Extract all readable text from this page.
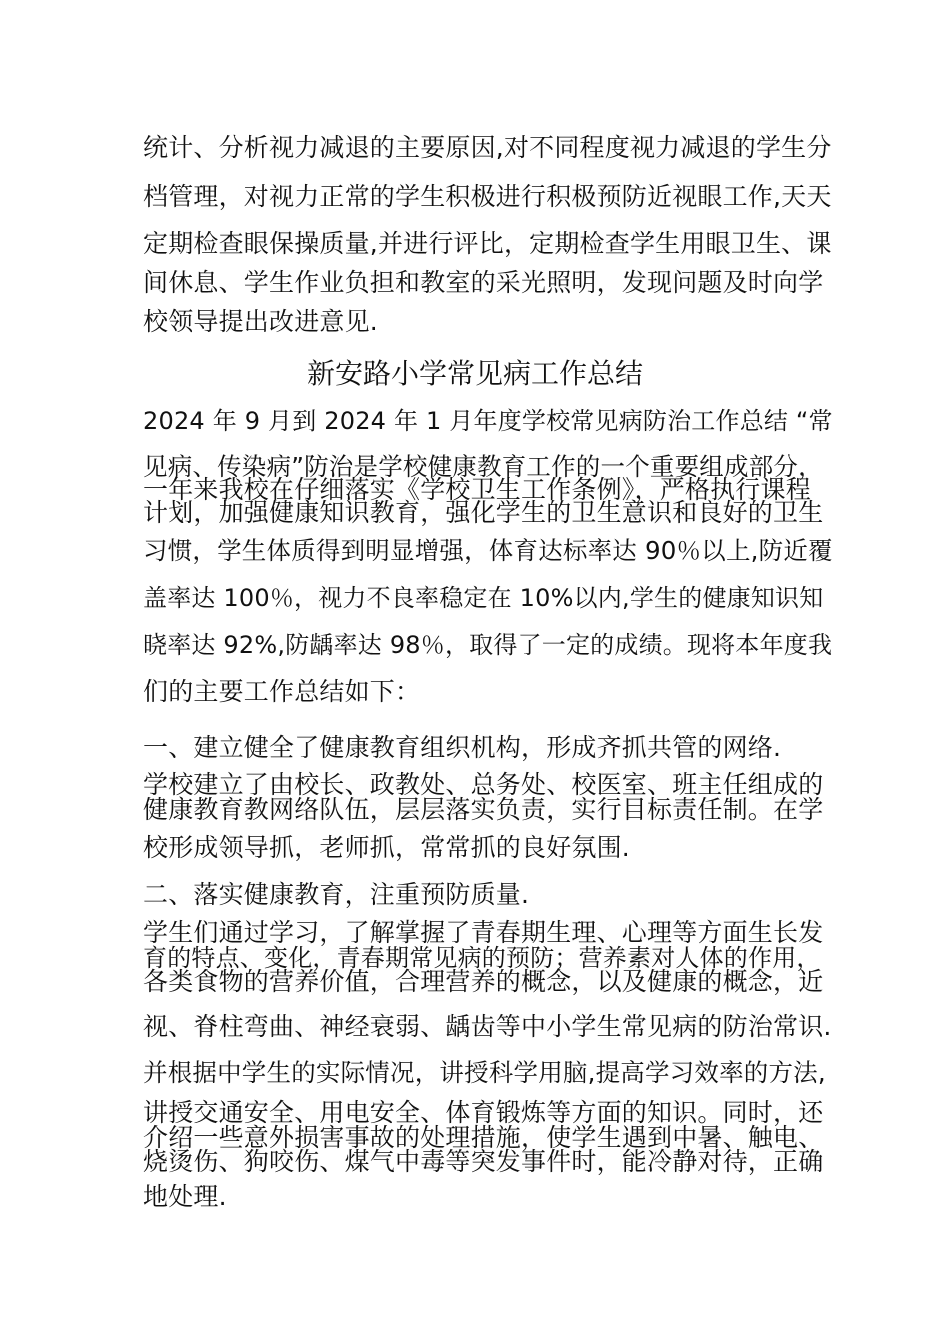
统计、分析视力减退的主要原因,对不同程度视力减退的学生分
档管理，对视力正常的学生积极进行积极预防近视眼工作,天天
定期检查眼保操质量,并进行评比，定期检查学生用眼卫生、课
间休息、学生作业负担和教室的采光照明，发现问题及时向学
校领导提出改进意见.
新安路小学常见病工作总结
2024 年 9 月到 2024 年 1 月年度学校常见病防治工作总结 “常
见病、传染病”防治是学校健康教育工作的一个重要组成部分，
一年来我校在仔细落实《学校卫生工作条例》，严格执行课程
计划，加强健康知识教育，强化学生的卫生意识和良好的卫生
习惯，学生体质得到明显增强，体育达标率达 90％以上,防近覆
盖率达 100％，视力不良率稳定在 10%以内,学生的健康知识知
晓率达 92%,防龋率达 98％，取得了一定的成绩。现将本年度我
们的主要工作总结如下：
一、建立健全了健康教育组织机构，形成齐抓共管的网络.
学校建立了由校长、政教处、总务处、校医室、班主任组成的
健康教育教网络队伍，层层落实负责，实行目标责任制。在学
校形成领导抓，老师抓，常常抓的良好氛围.
二、落实健康教育，注重预防质量.
学生们通过学习，了解掌握了青春期生理、心理等方面生长发
育的特点、变化，青春期常见病的预防；营养素对人体的作用，
各类食物的营养价值，合理营养的概念，以及健康的概念，近
视、脊柱弯曲、神经衰弱、龋齿等中小学生常见病的防治常识.
并根据中学生的实际情况，讲授科学用脑,提高学习效率的方法,
讲授交通安全、用电安全、体育锻炼等方面的知识。同时，还
介绍一些意外损害事故的处理措施，使学生遇到中暑、触电、
烧烫伤、狗咬伤、煤气中毒等突发事件时，能冷静对待，正确
地处理.
